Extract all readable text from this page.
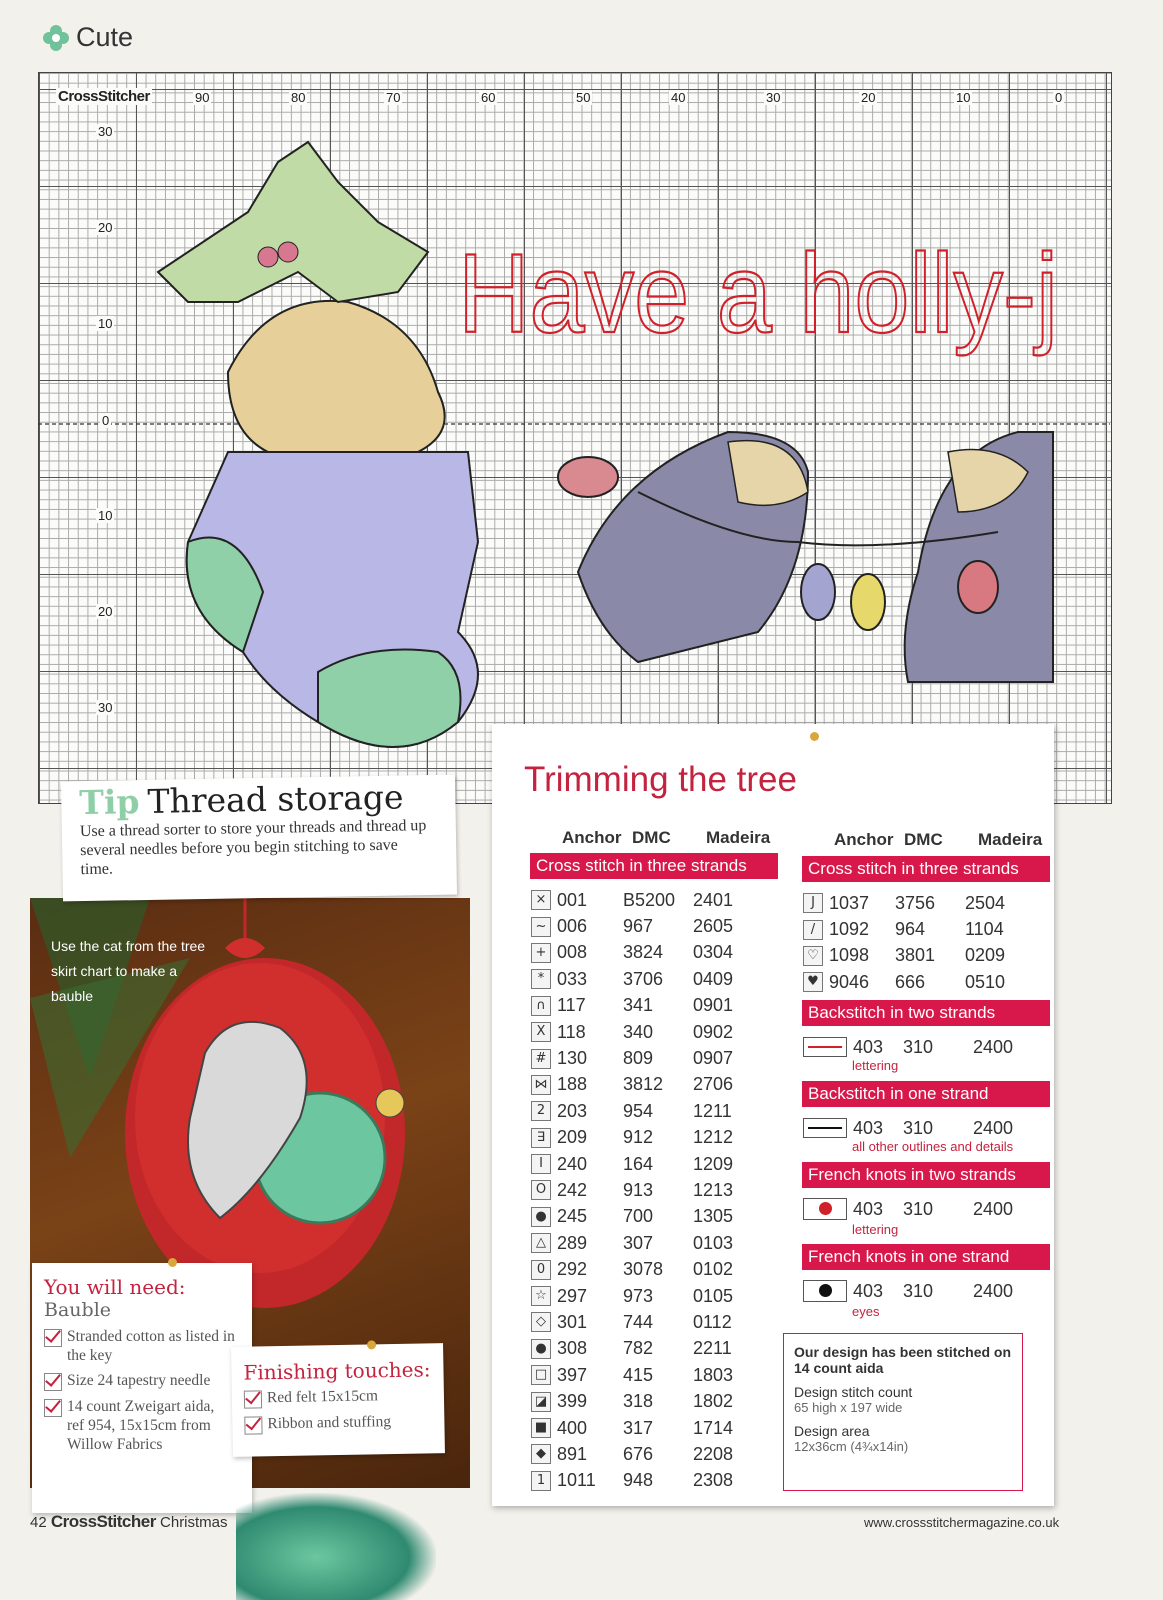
Cute
Have a holly-j
CrossStitcher	90	80	70	60	50	40	30	20	10	0
30
20
10
0
10
20
30
Use the cat from the tree skirt chart to make a bauble
Tip Thread storage
Use a thread sorter to store your threads and thread up several needles before you begin stitching to save time.
You will need:
Bauble
Stranded cotton as listed in the key
Size 24 tapestry needle
14 count Zweigart aida, ref 954, 15x15cm from Willow Fabrics
Finishing touches:
Red felt 15x15cm
Ribbon and stuffing
Trimming the tree
Anchor DMC Madeira
Cross stitch in three strands
× 001	B5200 2401
~ 006	967	2605
+ 008	3824	0304
* 033	3706	0409
∩ 117	341	0901
X 118	340	0902
# 130	809	0907
⋈ 188	3812	2706
2 203	954	1211
∃ 209	912	1212
I 240	164	1209
O 242	913	1213
● 245	700	1305
△ 289	307	0103
0 292	3078	0102
☆ 297	973	0105
◇ 301	744	0112
● 308	782	2211
□ 397	415	1803
◪ 399	318	1802
■ 400	317	1714
◆ 891	676	2208
1 1011	948	2308
Anchor DMC Madeira
Cross stitch in three strands
J 1037	3756	2504
/ 1092	964	1104
♡ 1098	3801	0209
♥ 9046	666	0510
Backstitch in two strands
403	310	2400
lettering
Backstitch in one strand
403	310	2400
all other outlines and details
French knots in two strands
403	310	2400
lettering
French knots in one strand
403	310	2400
eyes
Our design has been stitched on 14 count aida
Design stitch count
65 high x 197 wide
Design area
12x36cm (4¾x14in)
42 CrossStitcher Christmas	www.crossstitchermagazine.co.uk
